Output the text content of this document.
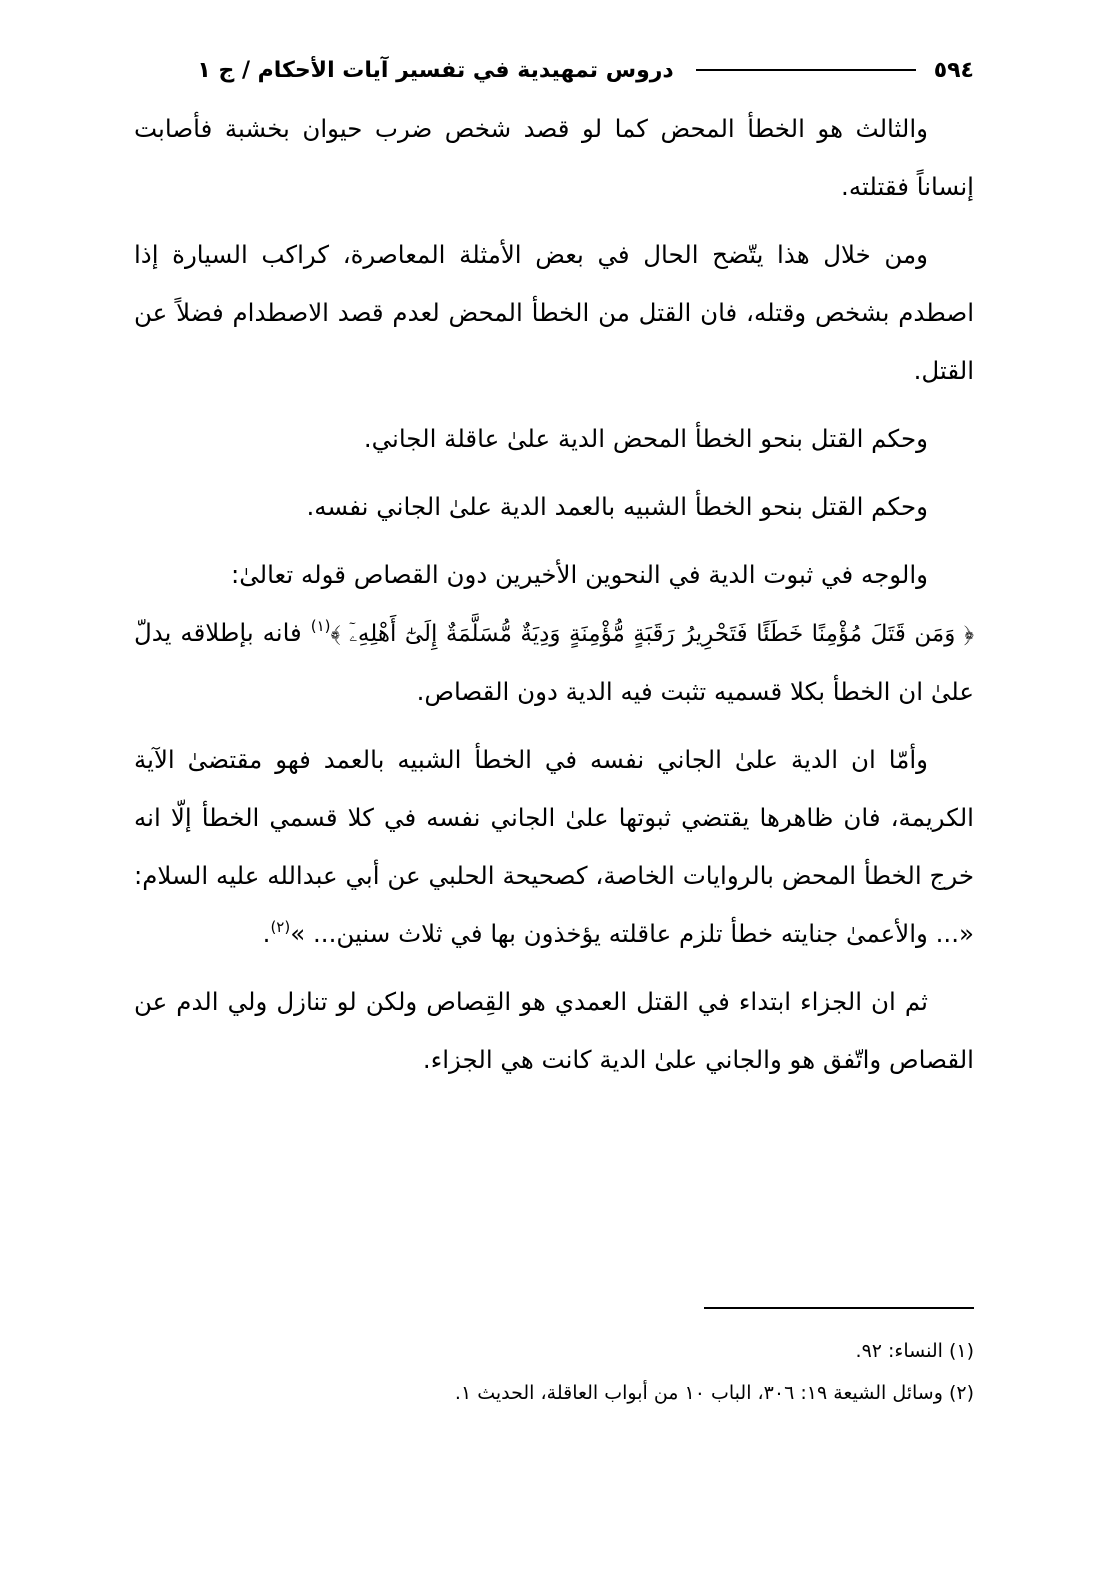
٥٩٤
دروس تمهيدية في تفسير آيات الأحكام / ج ١

والثالث هو الخطأ المحض كما لو قصد شخص ضرب حيوان بخشبة فأصابت إنساناً فقتلته.

ومن خلال هذا يتّضح الحال في بعض الأمثلة المعاصرة، كراكب السيارة إذا اصطدم بشخص وقتله، فان القتل من الخطأ المحض لعدم قصد الاصطدام فضلاً عن القتل.

وحكم القتل بنحو الخطأ المحض الدية علىٰ عاقلة الجاني.

وحكم القتل بنحو الخطأ الشبيه بالعمد الدية علىٰ الجاني نفسه.

والوجه في ثبوت الدية في النحوين الأخيرين دون القصاص قوله تعالىٰ:

﴿ وَمَن قَتَلَ مُؤْمِنًا خَطَئًا فَتَحْرِيرُ رَقَبَةٍ مُّؤْمِنَةٍ وَدِيَةٌ مُّسَلَّمَةٌ إِلَىٰٓ أَهْلِهِۦٓ ﴾$^{(١)}$ فانه بإطلاقه يدلّ علىٰ ان الخطأ بكلا قسميه تثبت فيه الدية دون القصاص.

وأمّا ان الدية علىٰ الجاني نفسه في الخطأ الشبيه بالعمد فهو مقتضىٰ الآية الكريمة، فان ظاهرها يقتضي ثبوتها علىٰ الجاني نفسه في كلا قسمي الخطأ إلّا انه خرج الخطأ المحض بالروايات الخاصة، كصحيحة الحلبي عن أبي عبدالله عليه السلام: «... والأعمىٰ جنايته خطأ تلزم عاقلته يؤخذون بها في ثلاث سنين... »$^{(٢)}$.

ثم ان الجزاء ابتداء في القتل العمدي هو القِصاص ولكن لو تنازل ولي الدم عن القصاص واتّفق هو والجاني علىٰ الدية كانت هي الجزاء.

(١) النساء: ٩٢.
(٢) وسائل الشيعة ١٩: ٣٠٦، الباب ١٠ من أبواب العاقلة، الحديث ١.
